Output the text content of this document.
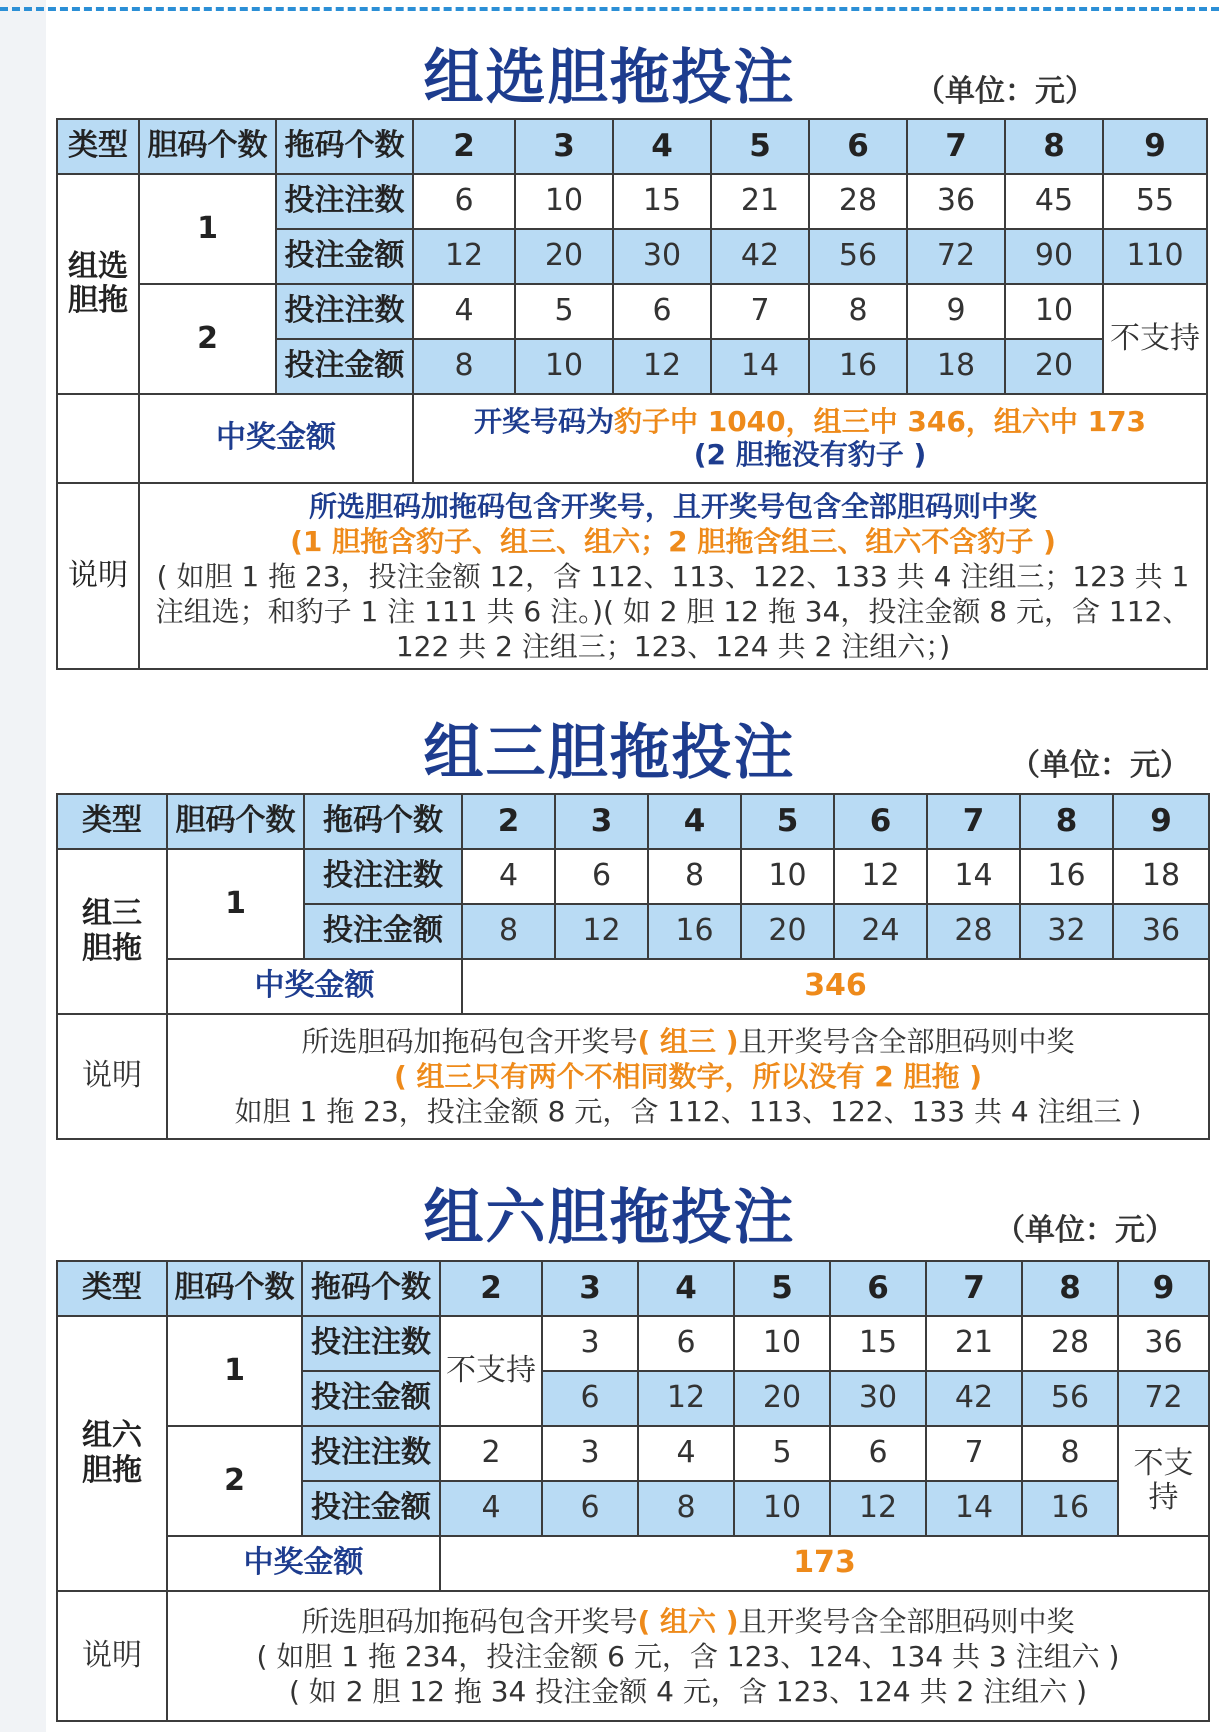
组选胆拖投注	（单位：元）
类型	胆码个数	拖码个数	2	3	4	5	6	7	8	9
组选
胆拖	1	投注注数	6	10	15	21	28	36	45	55
		投注金额	12	20	30	42	56	72	90	110
	2	投注注数	4	5	6	7	8	9	10	不支持
		投注金额	8	10	12	14	16	18	20	
	中奖金额		开奖号码为豹子中 1040，组三中 346，组六中 173
(2 胆拖没有豹子 )							

说明	所选胆码加拖码包含开奖号，且开奖号包含全部胆码则中奖
(1 胆拖含豹子、组三、组六；2 胆拖含组三、组六不含豹子 )
( 如胆 1 拖 23，投注金额 12，含 112、113、122、133 共 4 注组三；123 共 1 注组选；和豹子 1 注 111 共 6 注。)( 如 2 胆 12 拖 34，投注金额 8 元，含 112、122 共 2 注组三；123、124 共 2 注组六；)									
组三胆拖投注	（单位：元）
类型	胆码个数	拖码个数	2	3	4	5	6	7	8	9
组三
胆拖	1	投注注数	4	6	8	10	12	14	16	18
		投注金额	8	12	16	20	24	28	32	36
	中奖金额		346							
说明	所选胆码加拖码包含开奖号( 组三 )且开奖号含全部胆码则中奖
( 组三只有两个不相同数字，所以没有 2 胆拖 )
如胆 1 拖 23，投注金额 8 元，含 112、113、122、133 共 4 注组三 )									
组六胆拖投注	（单位：元）
类型	胆码个数	拖码个数	2	3	4	5	6	7	8	9
组六
胆拖	1	投注注数	不支持	3	6	10	15	21	28	36
		投注金额		6	12	20	30	42	56	72
	2	投注注数	2	3	4	5	6	7	8	不支持
		投注金额	4	6	8	10	12	14	16	
	中奖金额		173							
说明	所选胆码加拖码包含开奖号( 组六 )且开奖号含全部胆码则中奖
( 如胆 1 拖 234，投注金额 6 元，含 123、124、134 共 3 注组六 )
( 如 2 胆 12 拖 34 投注金额 4 元，含 123、124 共 2 注组六 )									
